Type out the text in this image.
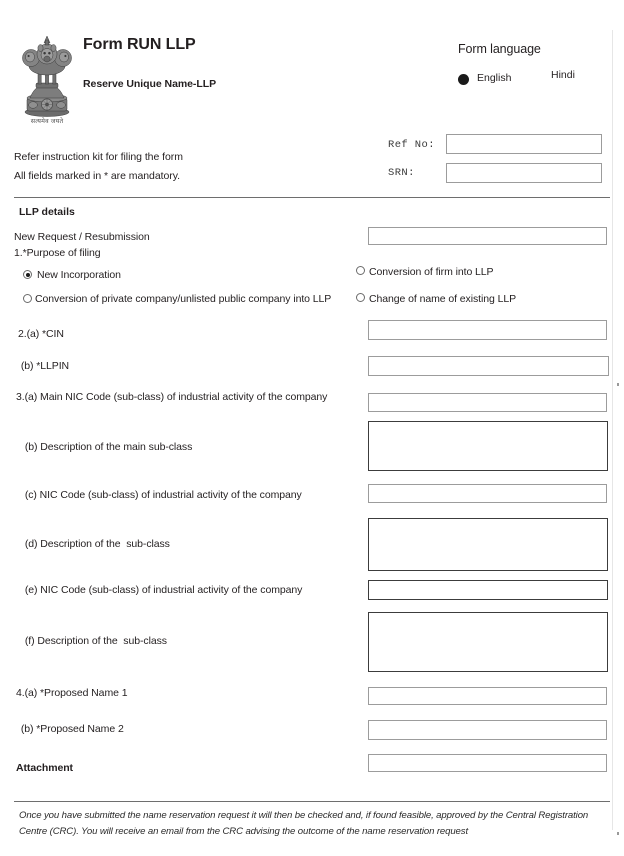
सत्यमेव जयते
Form RUN LLP
Reserve Unique Name-LLP
Form language
English	Hindi
Ref No:
SRN:
Refer instruction kit for filing the form
All fields marked in * are mandatory.
LLP details
New Request / Resubmission
1.*Purpose of filing
New Incorporation	Conversion of firm into LLP
Conversion of private company/unlisted public company into LLP	Change of name of existing LLP
2.(a) *CIN
(b) *LLPIN
3.(a) Main NIC Code (sub-class) of industrial activity of the company
(b) Description of the main sub-class
(c) NIC Code (sub-class) of industrial activity of the company
(d) Description of the  sub-class
(e) NIC Code (sub-class) of industrial activity of the company
(f) Description of the  sub-class
4.(a) *Proposed Name 1
(b) *Proposed Name 2
Attachment
Once you have submitted the name reservation request it will then be checked and, if found feasible, approved by the Central Registration Centre (CRC). You will receive an email from the CRC advising the outcome of the name reservation request
